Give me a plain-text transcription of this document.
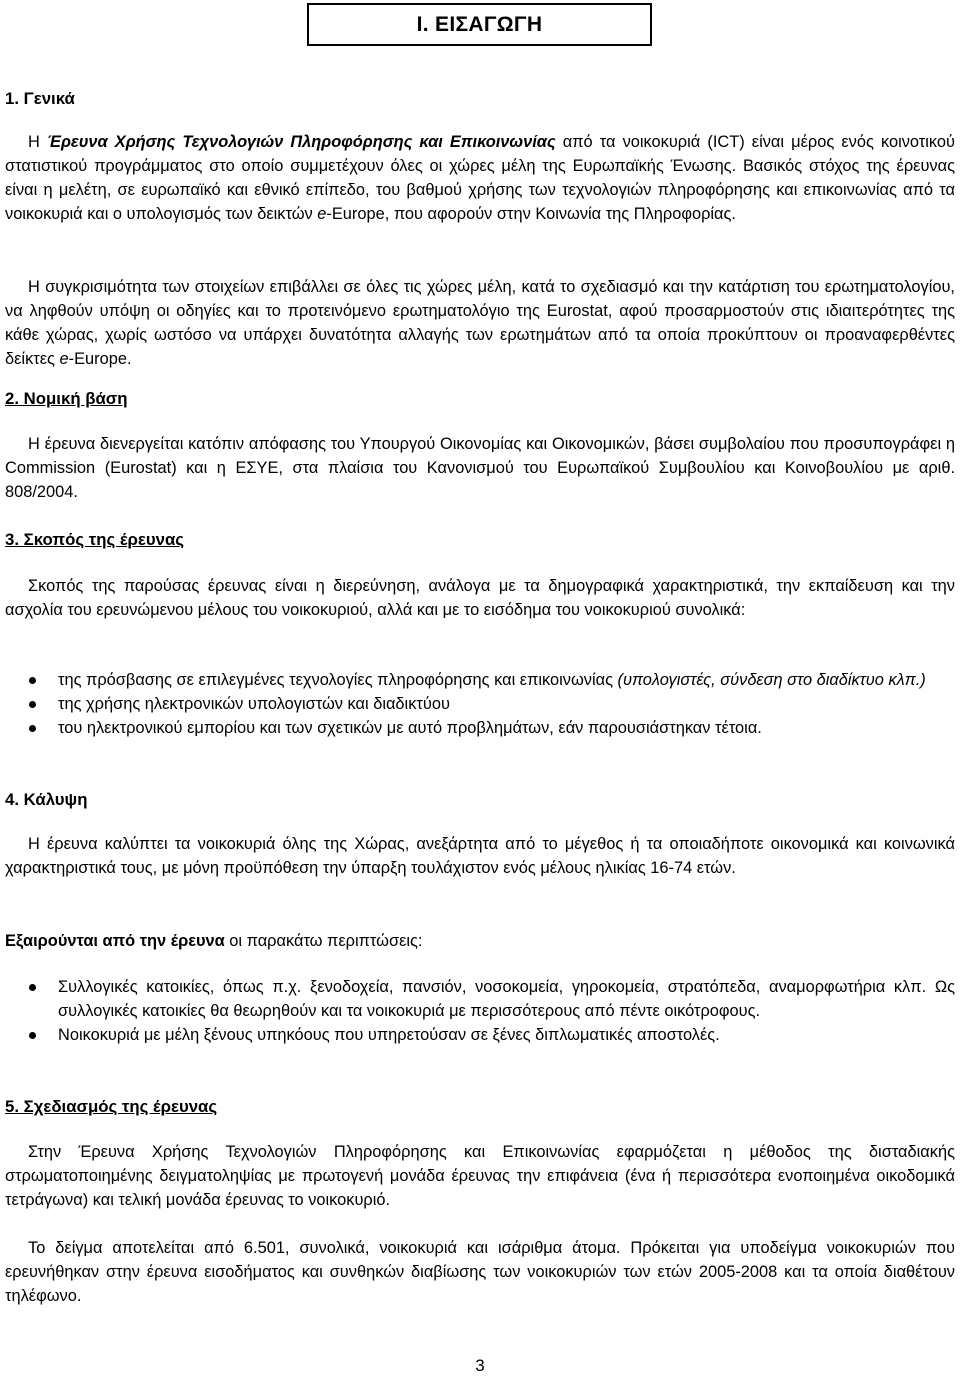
I. ΕΙΣΑΓΩΓΗ
1. Γενικά
Η Έρευνα Χρήσης Τεχνολογιών Πληροφόρησης και Επικοινωνίας από τα νοικοκυριά (ICT) είναι μέρος ενός κοινοτικού στατιστικού προγράμματος στο οποίο συμμετέχουν όλες οι χώρες μέλη της Ευρωπαϊκής Ένωσης. Βασικός στόχος της έρευνας είναι η μελέτη, σε ευρωπαϊκό και εθνικό επίπεδο, του βαθμού χρήσης των τεχνολογιών πληροφόρησης και επικοινωνίας από τα νοικοκυριά και ο υπολογισμός των δεικτών e-Europe, που αφορούν στην Κοινωνία της Πληροφορίας.
Η συγκρισιμότητα των στοιχείων επιβάλλει σε όλες τις χώρες μέλη, κατά το σχεδιασμό και την κατάρτιση του ερωτηματολογίου, να ληφθούν υπόψη οι οδηγίες και το προτεινόμενο ερωτηματολόγιο της Eurostat, αφού προσαρμοστούν στις ιδιαιτερότητες της κάθε χώρας, χωρίς ωστόσο να υπάρχει δυνατότητα αλλαγής των ερωτημάτων από τα οποία προκύπτουν οι προαναφερθέντες δείκτες e-Europe.
2. Νομική βάση
Η έρευνα διενεργείται κατόπιν απόφασης του Υπουργού Οικονομίας και Οικονομικών, βάσει συμβολαίου που προσυπογράφει η Commission (Eurostat) και η ΕΣΥΕ, στα πλαίσια του Κανονισμού του Ευρωπαϊκού Συμβουλίου και Κοινοβουλίου με αριθ. 808/2004.
3. Σκοπός της έρευνας
Σκοπός της παρούσας έρευνας είναι η διερεύνηση, ανάλογα με τα δημογραφικά χαρακτηριστικά, την εκπαίδευση και την ασχολία του ερευνώμενου μέλους του νοικοκυριού, αλλά και με το εισόδημα του νοικοκυριού συνολικά:
της πρόσβασης σε επιλεγμένες τεχνολογίες πληροφόρησης και επικοινωνίας (υπολογιστές, σύνδεση στο διαδίκτυο κλπ.)
της χρήσης ηλεκτρονικών υπολογιστών και διαδικτύου
του ηλεκτρονικού εμπορίου και των σχετικών με αυτό προβλημάτων, εάν παρουσιάστηκαν τέτοια.
4. Κάλυψη
Η έρευνα καλύπτει τα νοικοκυριά όλης της Χώρας, ανεξάρτητα από το μέγεθος ή τα οποιαδήποτε οικονομικά και κοινωνικά χαρακτηριστικά τους, με μόνη προϋπόθεση την ύπαρξη τουλάχιστον ενός μέλους ηλικίας 16-74 ετών.
Εξαιρούνται από την έρευνα οι παρακάτω περιπτώσεις:
Συλλογικές κατοικίες, όπως π.χ. ξενοδοχεία, πανσιόν, νοσοκομεία, γηροκομεία, στρατόπεδα, αναμορφωτήρια κλπ. Ως συλλογικές κατοικίες θα θεωρηθούν και τα νοικοκυριά με περισσότερους από πέντε οικότροφους.
Νοικοκυριά με μέλη ξένους υπηκόους που υπηρετούσαν σε ξένες διπλωματικές αποστολές.
5. Σχεδιασμός της έρευνας
Στην Έρευνα Χρήσης Τεχνολογιών Πληροφόρησης και Επικοινωνίας εφαρμόζεται η μέθοδος της δισταδιακής στρωματοποιημένης δειγματοληψίας με πρωτογενή μονάδα έρευνας την επιφάνεια (ένα ή περισσότερα ενοποιημένα οικοδομικά τετράγωνα) και τελική μονάδα έρευνας το νοικοκυριό.
Το δείγμα αποτελείται από 6.501, συνολικά, νοικοκυριά και ισάριθμα άτομα. Πρόκειται για υποδείγμα νοικοκυριών που ερευνήθηκαν στην έρευνα εισοδήματος και συνθηκών διαβίωσης των νοικοκυριών των ετών 2005-2008 και τα οποία διαθέτουν τηλέφωνο.
3
